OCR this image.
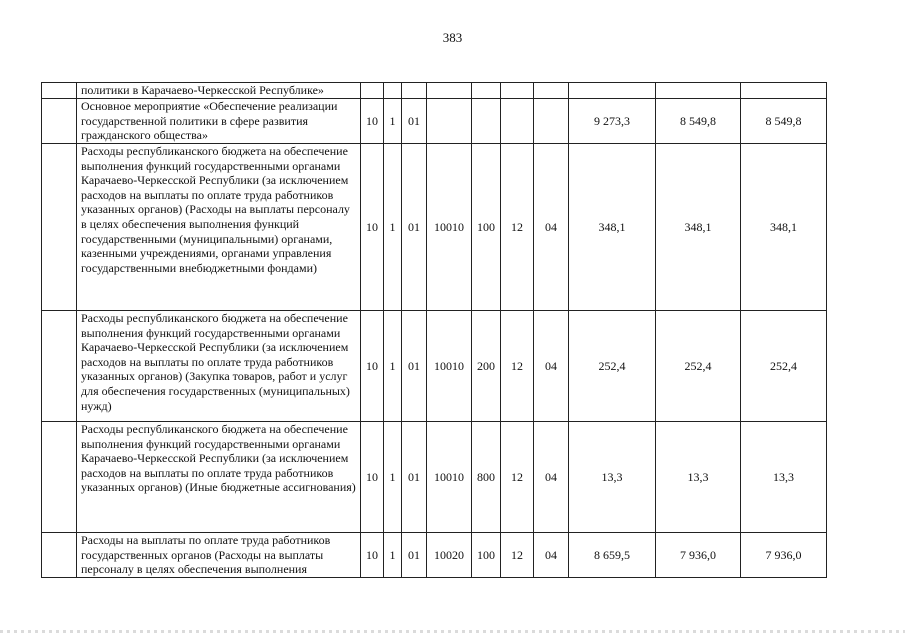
383
	политики в Карачаево-Черкесской Республике»										
	Основное мероприятие «Обеспечение реализации государственной политики в сфере развития гражданского общества»	10	1	01					9 273,3	8 549,8	8 549,8
	Расходы республиканского бюджета на обеспечение выполнения функций государственными органами Карачаево-Черкесской Республики (за исключением расходов на выплаты по оплате труда работников указанных органов) (Расходы на выплаты персоналу в целях обеспечения выполнения функций государственными (муниципальными) органами, казенными учреждениями, органами управления государственными внебюджетными фондами)	10	1	01	10010	100	12	04	348,1	348,1	348,1
	Расходы республиканского бюджета на обеспечение выполнения функций государственными органами Карачаево-Черкесской Республики (за исключением расходов на выплаты по оплате труда работников указанных органов) (Закупка товаров, работ и услуг для обеспечения государственных (муниципальных) нужд)	10	1	01	10010	200	12	04	252,4	252,4	252,4
	Расходы республиканского бюджета на обеспечение выполнения функций государственными органами Карачаево-Черкесской Республики (за исключением расходов на выплаты по оплате труда работников указанных органов) (Иные бюджетные ассигнования)	10	1	01	10010	800	12	04	13,3	13,3	13,3
	Расходы на выплаты по оплате труда работников государственных органов (Расходы на выплаты персоналу в целях обеспечения выполнения	10	1	01	10020	100	12	04	8 659,5	7 936,0	7 936,0
